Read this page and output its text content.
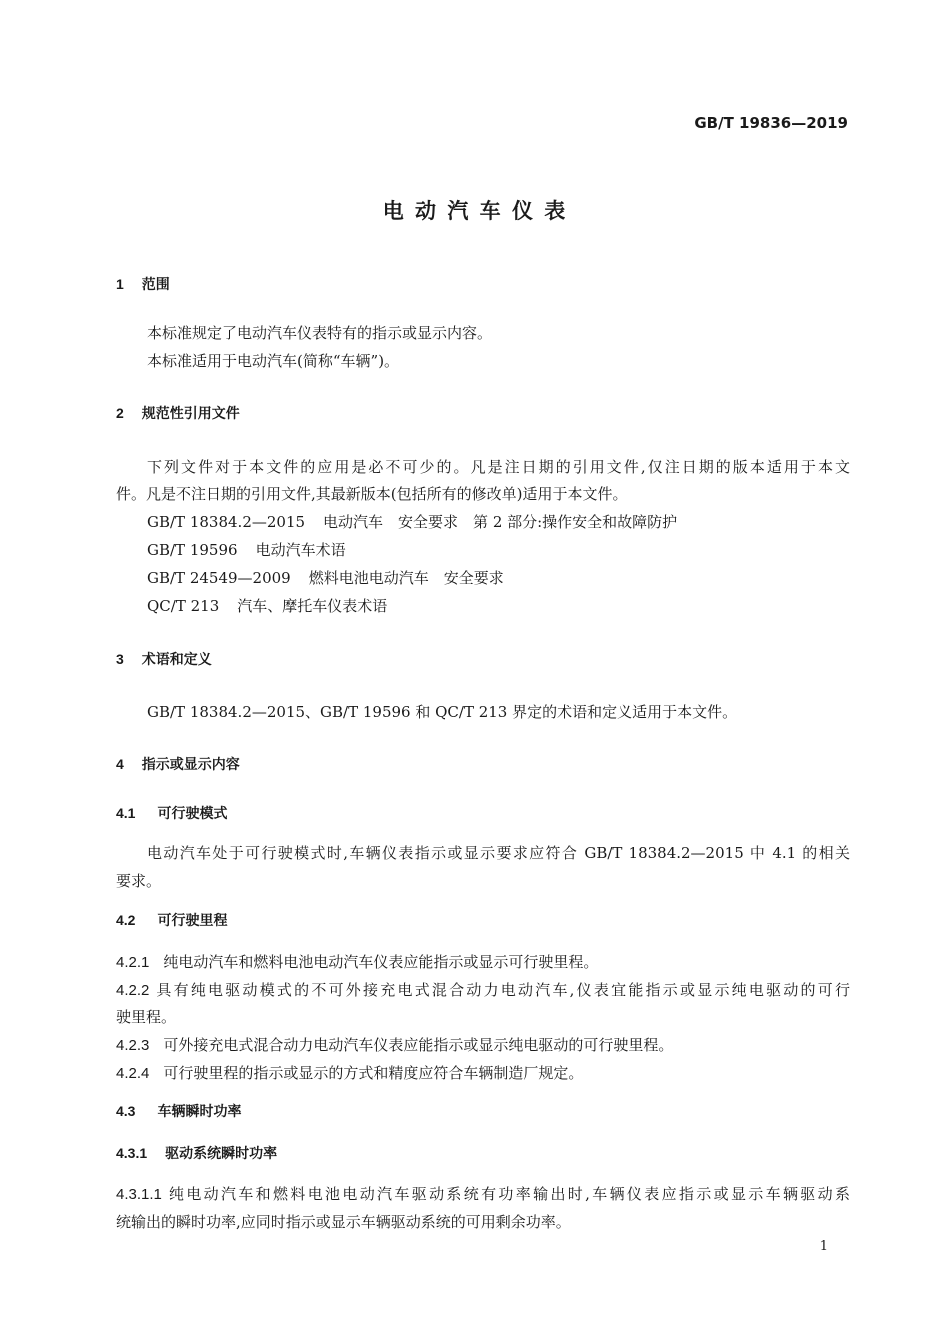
GB/T 19836—2019
电 动 汽 车 仪 表
1 范围
本标准规定了电动汽车仪表特有的指示或显示内容。
本标准适用于电动汽车(简称“车辆”)。
2 规范性引用文件
下列文件对于本文件的应用是必不可少的。凡是注日期的引用文件,仅注日期的版本适用于本文
件。凡是不注日期的引用文件,其最新版本(包括所有的修改单)适用于本文件。
GB/T 18384.2—2015 电动汽车　安全要求　第 2 部分:操作安全和故障防护
GB/T 19596 电动汽车术语
GB/T 24549—2009 燃料电池电动汽车　安全要求
QC/T 213 汽车、摩托车仪表术语
3 术语和定义
GB/T 18384.2—2015、GB/T 19596 和 QC/T 213 界定的术语和定义适用于本文件。
4 指示或显示内容
4.1 可行驶模式
电动汽车处于可行驶模式时,车辆仪表指示或显示要求应符合 GB/T 18384.2—2015 中 4.1 的相关
要求。
4.2 可行驶里程
4.2.1 纯电动汽车和燃料电池电动汽车仪表应能指示或显示可行驶里程。
4.2.2 具有纯电驱动模式的不可外接充电式混合动力电动汽车,仪表宜能指示或显示纯电驱动的可行
驶里程。
4.2.3 可外接充电式混合动力电动汽车仪表应能指示或显示纯电驱动的可行驶里程。
4.2.4 可行驶里程的指示或显示的方式和精度应符合车辆制造厂规定。
4.3 车辆瞬时功率
4.3.1 驱动系统瞬时功率
4.3.1.1 纯电动汽车和燃料电池电动汽车驱动系统有功率输出时,车辆仪表应指示或显示车辆驱动系
统输出的瞬时功率,应同时指示或显示车辆驱动系统的可用剩余功率。
1
